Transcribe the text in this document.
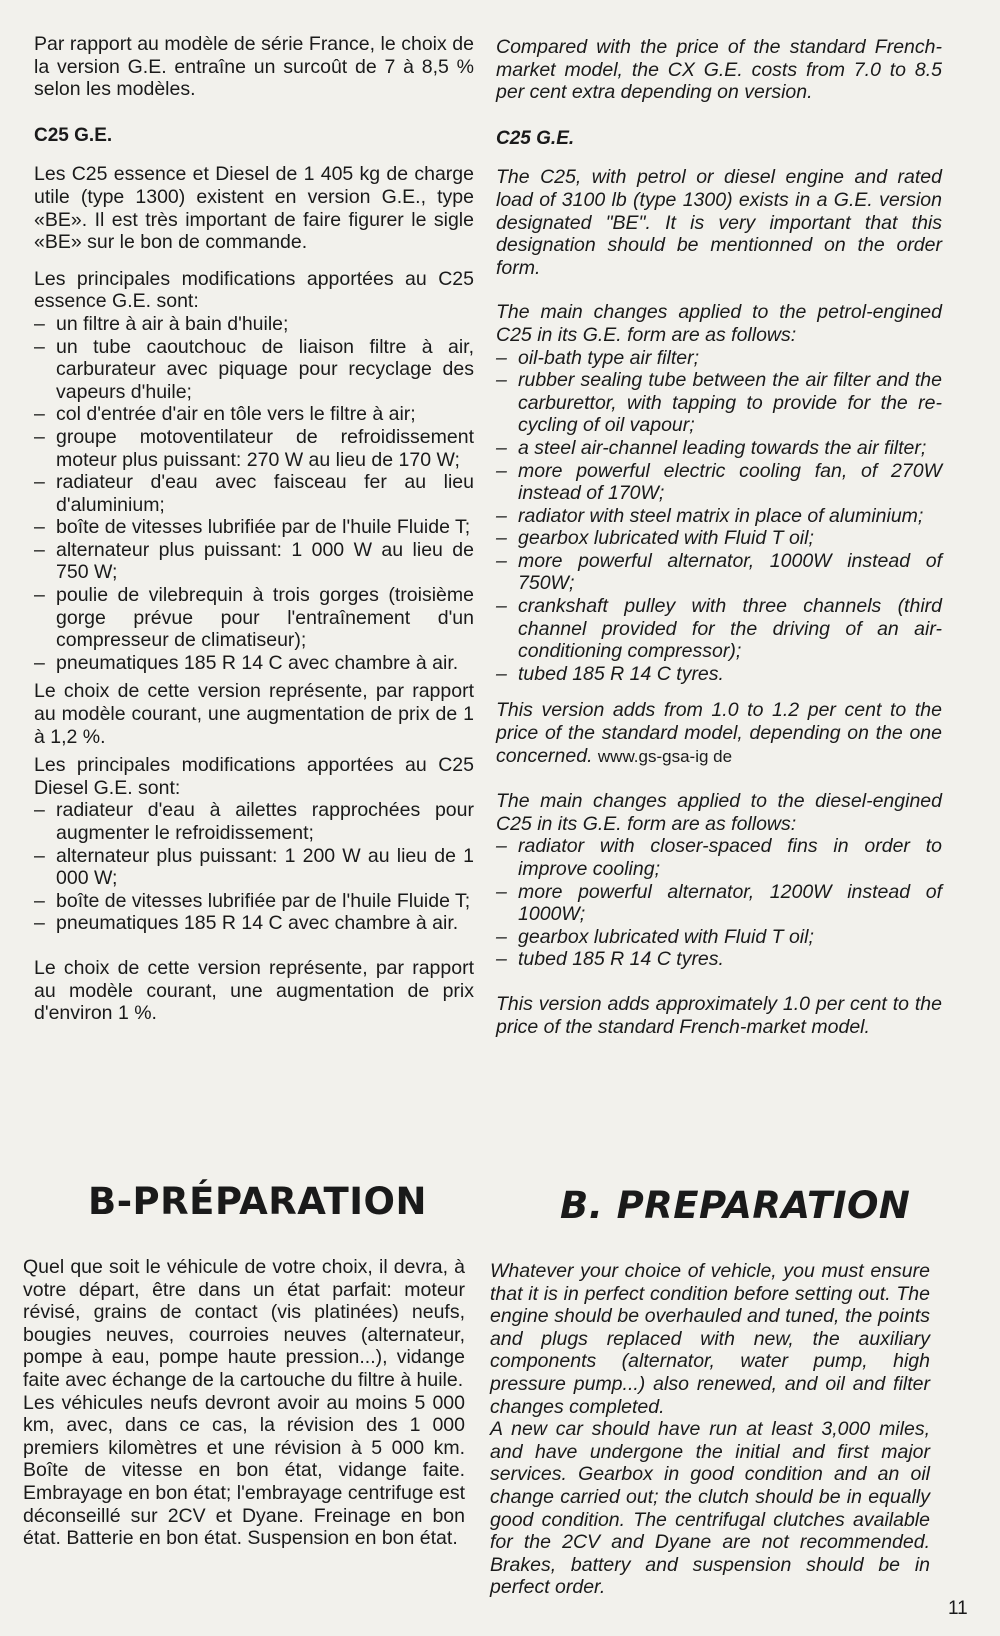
Par rapport au modèle de série France, le choix de la version G.E. entraîne un surcoût de 7 à 8,5 % selon les modèles.

C25 G.E.

Les C25 essence et Diesel de 1 405 kg de charge utile (type 1300) existent en version G.E., type «BE». Il est très important de faire figurer le sigle «BE» sur le bon de commande.

Les principales modifications apportées au C25 essence G.E. sont:

– un filtre à air à bain d'huile;
– un tube caoutchouc de liaison filtre à air, carburateur avec piquage pour recyclage des vapeurs d'huile;
– col d'entrée d'air en tôle vers le filtre à air;
– groupe motoventilateur de refroidissement moteur plus puissant: 270 W au lieu de 170 W;
– radiateur d'eau avec faisceau fer au lieu d'aluminium;
– boîte de vitesses lubrifiée par de l'huile Fluide T;
– alternateur plus puissant: 1 000 W au lieu de 750 W;
– poulie de vilebrequin à trois gorges (troisième gorge prévue pour l'entraînement d'un compresseur de climatiseur);
– pneumatiques 185 R 14 C avec chambre à air.

Le choix de cette version représente, par rapport au modèle courant, une augmentation de prix de 1 à 1,2 %.

Les principales modifications apportées au C25 Diesel G.E. sont:

– radiateur d'eau à ailettes rapprochées pour augmenter le refroidissement;
– alternateur plus puissant: 1 200 W au lieu de 1 000 W;
– boîte de vitesses lubrifiée par de l'huile Fluide T;
– pneumatiques 185 R 14 C avec chambre à air.

Le choix de cette version représente, par rapport au modèle courant, une augmentation de prix d'environ 1 %.

Compared with the price of the standard French-market model, the CX G.E. costs from 7.0 to 8.5 per cent extra depending on version.

C25 G.E.

The C25, with petrol or diesel engine and rated load of 3100 lb (type 1300) exists in a G.E. version designated "BE". It is very important that this designation should be mentionned on the order form.

The main changes applied to the petrol-engined C25 in its G.E. form are as follows:

– oil-bath type air filter;
– rubber sealing tube between the air filter and the carburettor, with tapping to provide for the re-cycling of oil vapour;
– a steel air-channel leading towards the air filter;
– more powerful electric cooling fan, of 270W instead of 170W;
– radiator with steel matrix in place of aluminium;
– gearbox lubricated with Fluid T oil;
– more powerful alternator, 1000W instead of 750W;
– crankshaft pulley with three channels (third channel provided for the driving of an air-conditioning compressor);
– tubed 185 R 14 C tyres.

This version adds from 1.0 to 1.2 per cent to the price of the standard model, depending on the one concerned. www.gs-gsa-ig de

The main changes applied to the diesel-engined C25 in its G.E. form are as follows:

– radiator with closer-spaced fins in order to improve cooling;
– more powerful alternator, 1200W instead of 1000W;
– gearbox lubricated with Fluid T oil;
– tubed 185 R 14 C tyres.

This version adds approximately 1.0 per cent to the price of the standard French-market model.

B-PRÉPARATION	B. PREPARATION

Quel que soit le véhicule de votre choix, il devra, à votre départ, être dans un état parfait: moteur révisé, grains de contact (vis platinées) neufs, bougies neuves, courroies neuves (alternateur, pompe à eau, pompe haute pression...), vidange faite avec échange de la cartouche du filtre à huile.

Les véhicules neufs devront avoir au moins 5 000 km, avec, dans ce cas, la révision des 1 000 premiers kilomètres et une révision à 5 000 km. Boîte de vitesse en bon état, vidange faite. Embrayage en bon état; l'embrayage centrifuge est déconseillé sur 2CV et Dyane. Freinage en bon état. Batterie en bon état. Suspension en bon état.

Whatever your choice of vehicle, you must ensure that it is in perfect condition before setting out. The engine should be overhauled and tuned, the points and plugs replaced with new, the auxiliary components (alternator, water pump, high pressure pump...) also renewed, and oil and filter changes completed.

A new car should have run at least 3,000 miles, and have undergone the initial and first major services. Gearbox in good condition and an oil change carried out; the clutch should be in equally good condition. The centrifugal clutches available for the 2CV and Dyane are not recommended. Brakes, battery and suspension should be in perfect order.

11
